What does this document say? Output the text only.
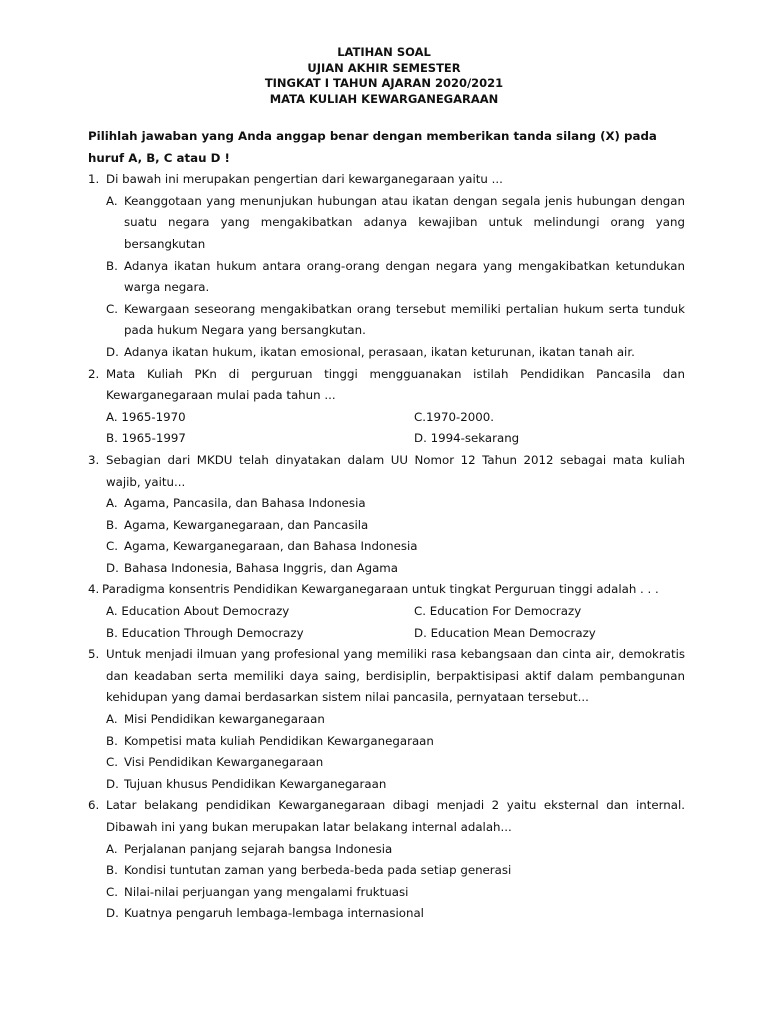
LATIHAN SOAL
UJIAN AKHIR SEMESTER
TINGKAT I TAHUN AJARAN 2020/2021
MATA KULIAH KEWARGANEGARAAN
Pilihlah jawaban yang Anda anggap benar dengan memberikan tanda silang (X) pada huruf A, B, C atau D !
1. Di bawah ini merupakan pengertian dari kewarganegaraan yaitu ...
A. Keanggotaan yang menunjukan hubungan atau ikatan dengan segala jenis hubungan dengan suatu negara yang mengakibatkan adanya kewajiban untuk melindungi orang yang bersangkutan
B. Adanya ikatan hukum antara orang-orang dengan negara yang mengakibatkan ketundukan warga negara.
C. Kewargaan seseorang mengakibatkan orang tersebut memiliki pertalian hukum serta tunduk pada hukum Negara yang bersangkutan.
D. Adanya ikatan hukum, ikatan emosional, perasaan, ikatan keturunan, ikatan tanah air.
2. Mata Kuliah PKn di perguruan tinggi mengguanakan istilah Pendidikan Pancasila dan Kewarganegaraan mulai pada tahun ...
A. 1965-1970	C.1970-2000.
B. 1965-1997	D. 1994-sekarang
3. Sebagian dari MKDU telah dinyatakan dalam UU Nomor 12 Tahun 2012 sebagai mata kuliah wajib, yaitu...
A. Agama, Pancasila, dan Bahasa Indonesia
B. Agama, Kewarganegaraan, dan Pancasila
C. Agama, Kewarganegaraan, dan Bahasa Indonesia
D. Bahasa Indonesia, Bahasa Inggris, dan Agama
4. Paradigma konsentris Pendidikan Kewarganegaraan untuk tingkat Perguruan tinggi adalah . . .
A. Education About Democrazy	C. Education For Democrazy
B. Education Through Democrazy	D. Education Mean Democrazy
5. Untuk menjadi ilmuan yang profesional yang memiliki rasa kebangsaan dan cinta air, demokratis dan keadaban serta memiliki daya saing, berdisiplin, berpaktisipasi aktif dalam pembangunan kehidupan yang damai berdasarkan sistem nilai pancasila, pernyataan tersebut...
A. Misi Pendidikan kewarganegaraan
B. Kompetisi mata kuliah Pendidikan Kewarganegaraan
C. Visi Pendidikan Kewarganegaraan
D. Tujuan khusus Pendidikan Kewarganegaraan
6. Latar belakang pendidikan Kewarganegaraan dibagi menjadi 2 yaitu eksternal dan internal. Dibawah ini yang bukan merupakan latar belakang internal adalah...
A. Perjalanan panjang sejarah bangsa Indonesia
B. Kondisi tuntutan zaman yang berbeda-beda pada setiap generasi
C. Nilai-nilai perjuangan yang mengalami fruktuasi
D. Kuatnya pengaruh lembaga-lembaga internasional
